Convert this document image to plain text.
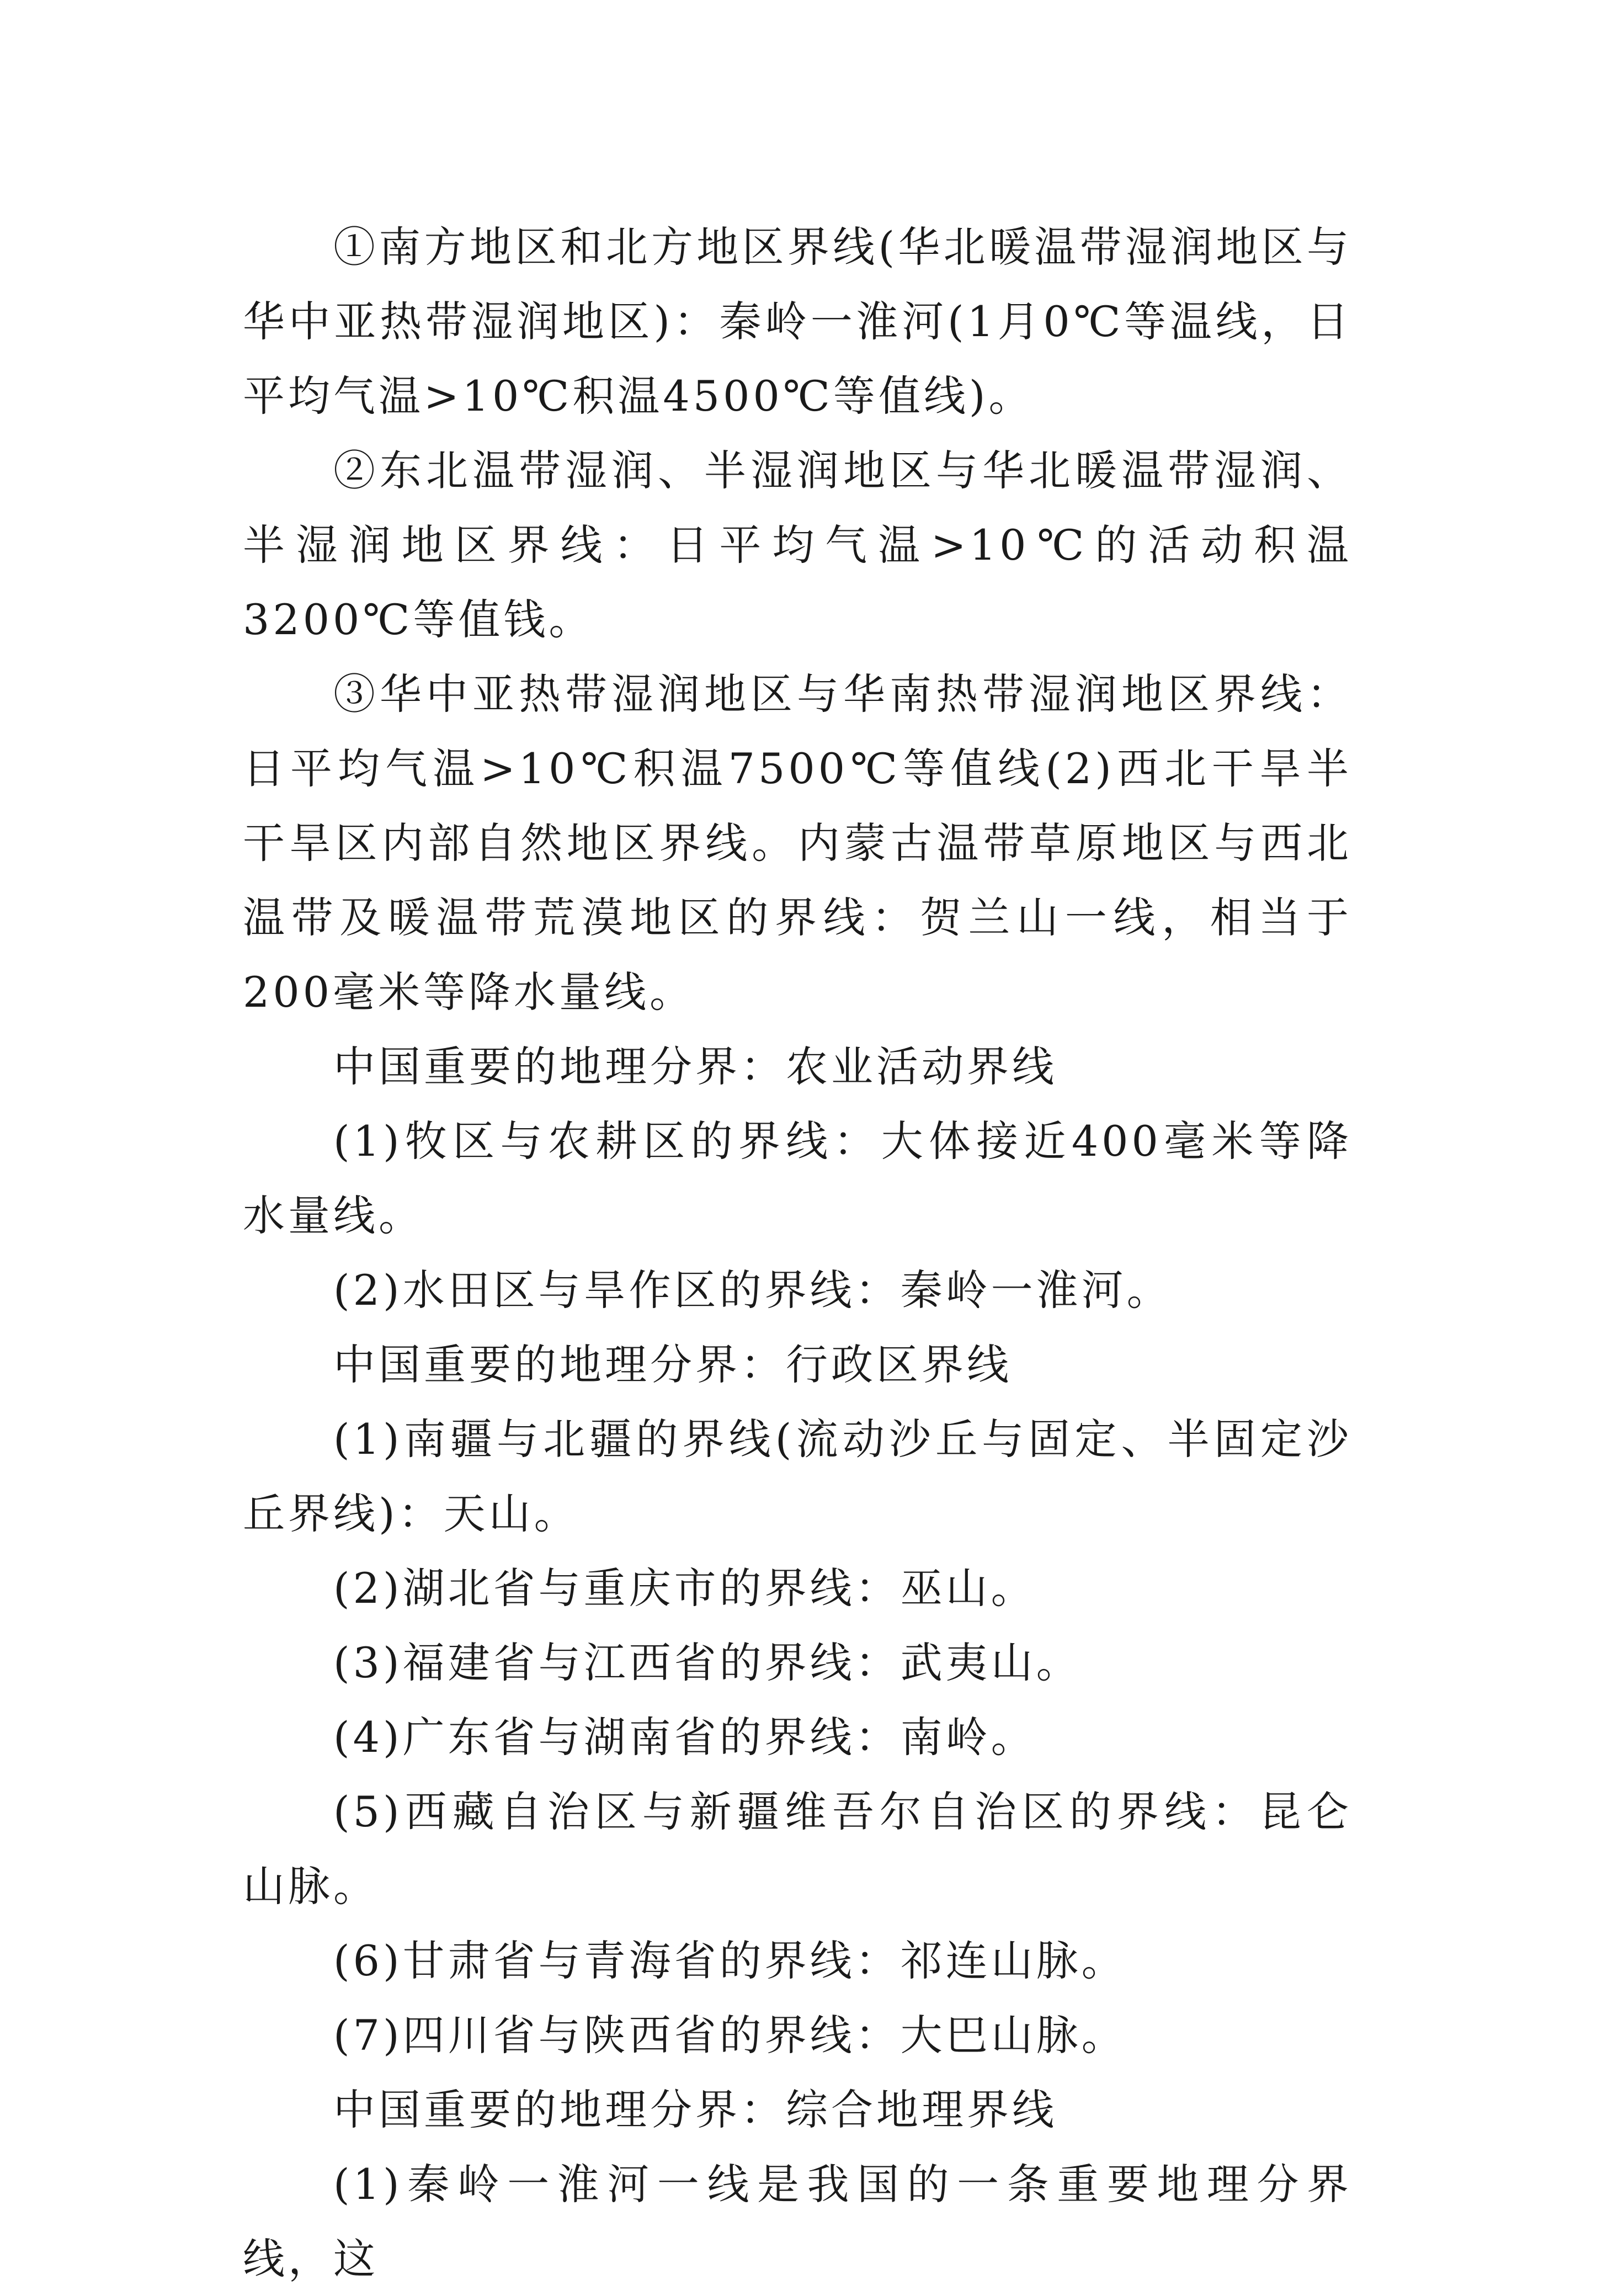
①南方地区和北方地区界线(华北暖温带湿润地区与华中亚热带湿润地区)：秦岭一淮河(1月0℃等温线，日平均气温>10℃积温4500℃等值线)。

②东北温带湿润、半湿润地区与华北暖温带湿润、半湿润地区界线：日平均气温>10℃的活动积温3200℃等值钱。

③华中亚热带湿润地区与华南热带湿润地区界线：日平均气温>10℃积温7500℃等值线(2)西北干旱半干旱区内部自然地区界线。内蒙古温带草原地区与西北温带及暖温带荒漠地区的界线：贺兰山一线，相当于200毫米等降水量线。

中国重要的地理分界：农业活动界线

(1)牧区与农耕区的界线：大体接近400毫米等降水量线。

(2)水田区与旱作区的界线：秦岭一淮河。

中国重要的地理分界：行政区界线

(1)南疆与北疆的界线(流动沙丘与固定、半固定沙丘界线)：天山。

(2)湖北省与重庆市的界线：巫山。

(3)福建省与江西省的界线：武夷山。

(4)广东省与湖南省的界线：南岭。

(5)西藏自治区与新疆维吾尔自治区的界线：昆仑山脉。

(6)甘肃省与青海省的界线：祁连山脉。

(7)四川省与陕西省的界线：大巴山脉。

中国重要的地理分界：综合地理界线

(1)秦岭一淮河一线是我国的一条重要地理分界线，这
